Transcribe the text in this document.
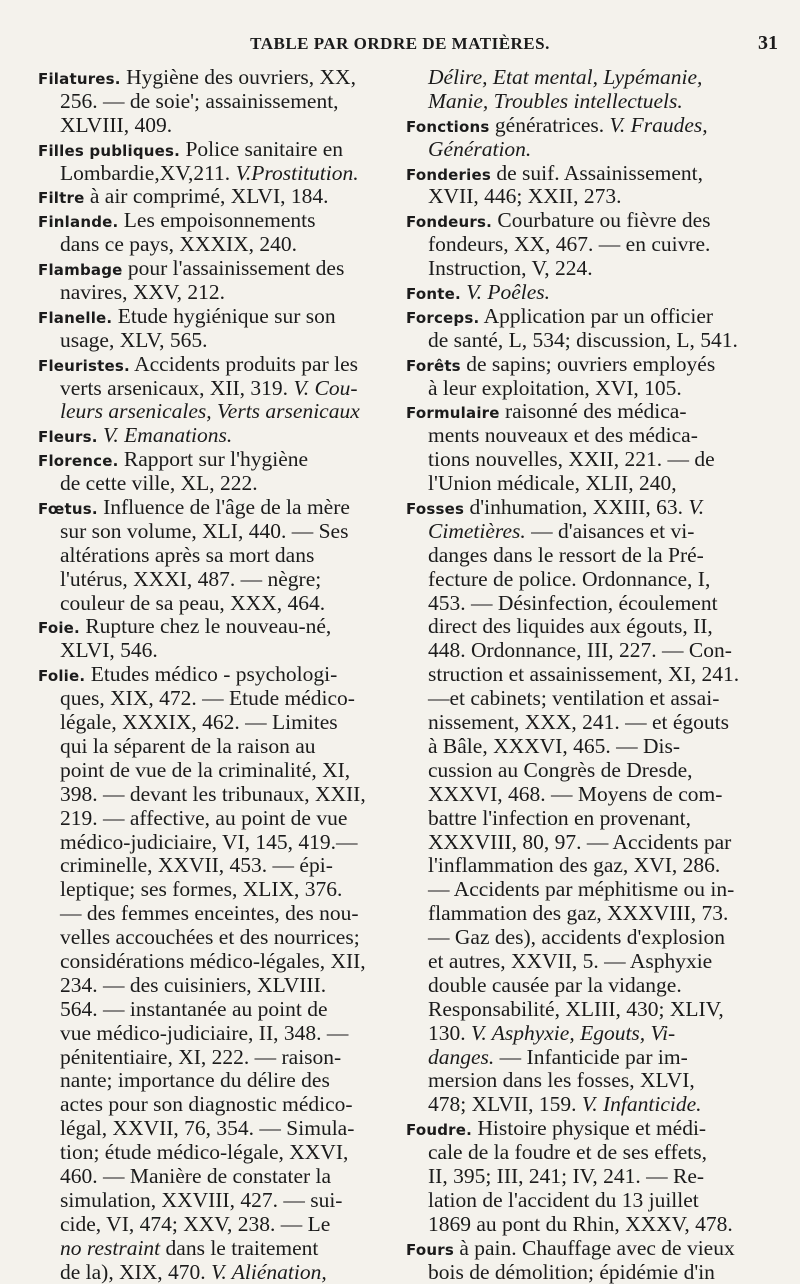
TABLE PAR ORDRE DE MATIÈRES.	31
Filatures. Hygiène des ouvriers, XX,
256. — de soie'; assainissement,
XLVIII, 409.
Filles publiques. Police sanitaire en
Lombardie,XV,211. V.Prostitution.
Filtre à air comprimé, XLVI, 184.
Finlande. Les empoisonnements
dans ce pays, XXXIX, 240.
Flambage pour l'assainissement des
navires, XXV, 212.
Flanelle. Etude hygiénique sur son
usage, XLV, 565.
Fleuristes. Accidents produits par les
verts arsenicaux, XII, 319. V. Cou-
leurs arsenicales, Verts arsenicaux
Fleurs. V. Emanations.
Florence. Rapport sur l'hygiène
de cette ville, XL, 222.
Fœtus. Influence de l'âge de la mère
sur son volume, XLI, 440. — Ses
altérations après sa mort dans
l'utérus, XXXI, 487. — nègre;
couleur de sa peau, XXX, 464.
Foie. Rupture chez le nouveau-né,
XLVI, 546.
Folie. Etudes médico - psychologi-
ques, XIX, 472. — Etude médico-
légale, XXXIX, 462. — Limites
qui la séparent de la raison au
point de vue de la criminalité, XI,
398. — devant les tribunaux, XXII,
219. — affective, au point de vue
médico-judiciaire, VI, 145, 419.—
criminelle, XXVII, 453. — épi-
leptique; ses formes, XLIX, 376.
— des femmes enceintes, des nou-
velles accouchées et des nourrices;
considérations médico-légales, XII,
234. — des cuisiniers, XLVIII.
564. — instantanée au point de
vue médico-judiciaire, II, 348. —
pénitentiaire, XI, 222. — raison-
nante; importance du délire des
actes pour son diagnostic médico-
légal, XXVII, 76, 354. — Simula-
tion; étude médico-légale, XXVI,
460. — Manière de constater la
simulation, XXVIII, 427. — sui-
cide, VI, 474; XXV, 238. — Le
no restraint dans le traitement
de la), XIX, 470. V. Aliénation,
Délire, Etat mental, Lypémanie,
Manie, Troubles intellectuels.
Fonctions génératrices. V. Fraudes,
Génération.
Fonderies de suif. Assainissement,
XVII, 446; XXII, 273.
Fondeurs. Courbature ou fièvre des
fondeurs, XX, 467. — en cuivre.
Instruction, V, 224.
Fonte. V. Poêles.
Forceps. Application par un officier
de santé, L, 534; discussion, L, 541.
Forêts de sapins; ouvriers employés
à leur exploitation, XVI, 105.
Formulaire raisonné des médica-
ments nouveaux et des médica-
tions nouvelles, XXII, 221. — de
l'Union médicale, XLII, 240,
Fosses d'inhumation, XXIII, 63. V.
Cimetières. — d'aisances et vi-
danges dans le ressort de la Pré-
fecture de police. Ordonnance, I,
453. — Désinfection, écoulement
direct des liquides aux égouts, II,
448. Ordonnance, III, 227. — Con-
struction et assainissement, XI, 241.
—et cabinets; ventilation et assai-
nissement, XXX, 241. — et égouts
à Bâle, XXXVI, 465. — Dis-
cussion au Congrès de Dresde,
XXXVI, 468. — Moyens de com-
battre l'infection en provenant,
XXXVIII, 80, 97. — Accidents par
l'inflammation des gaz, XVI, 286.
— Accidents par méphitisme ou in-
flammation des gaz, XXXVIII, 73.
— Gaz des), accidents d'explosion
et autres, XXVII, 5. — Asphyxie
double causée par la vidange.
Responsabilité, XLIII, 430; XLIV,
130. V. Asphyxie, Egouts, Vi-
danges. — Infanticide par im-
mersion dans les fosses, XLVI,
478; XLVII, 159. V. Infanticide.
Foudre. Histoire physique et médi-
cale de la foudre et de ses effets,
II, 395; III, 241; IV, 241. — Re-
lation de l'accident du 13 juillet
1869 au pont du Rhin, XXXV, 478.
Fours à pain. Chauffage avec de vieux
bois de démolition; épidémie d'in
